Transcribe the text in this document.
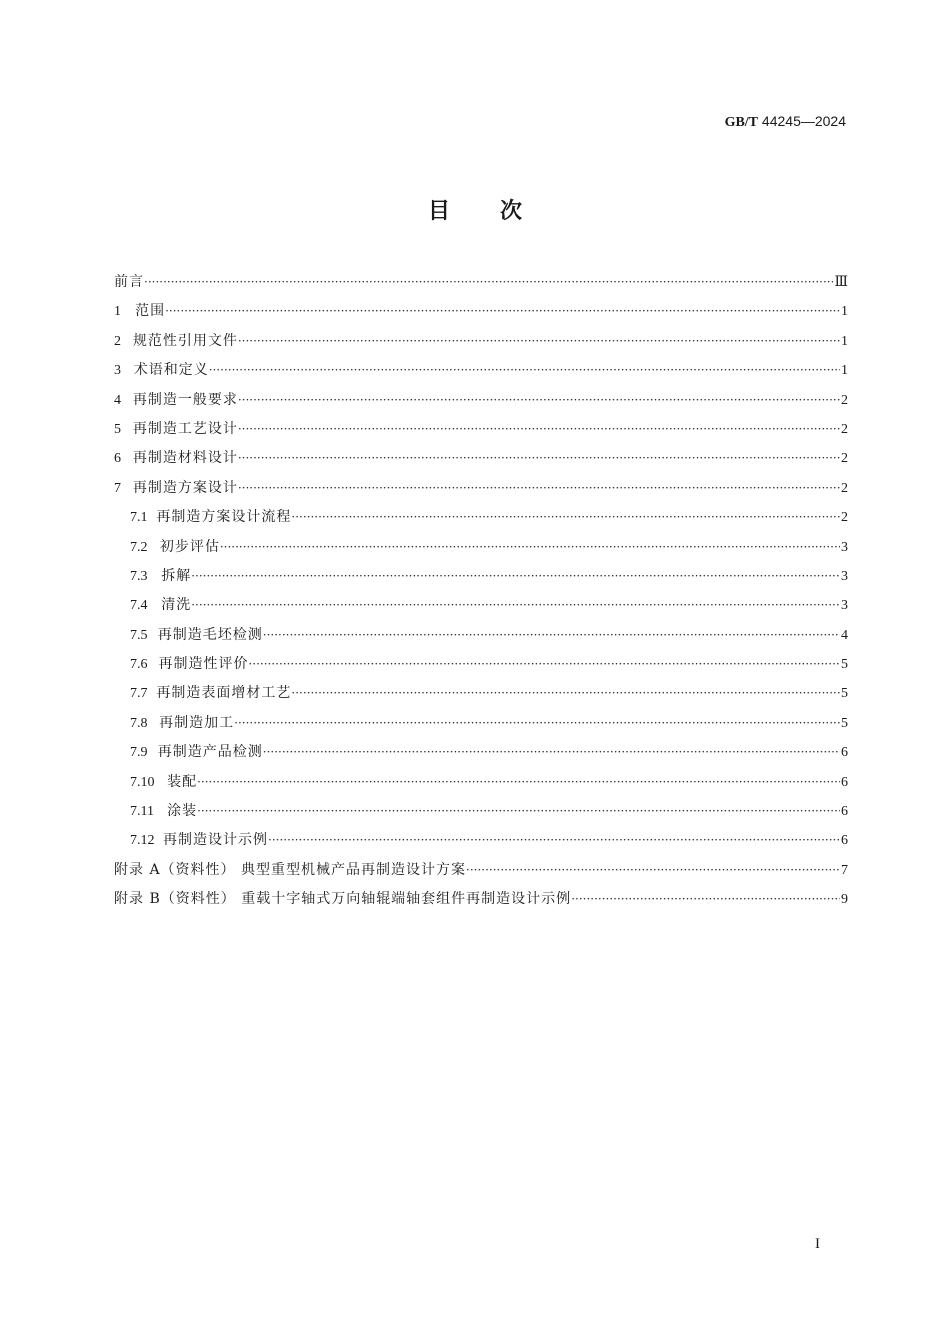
GB/T 44245—2024
目次
前言 ·····	Ⅲ
1	范围 ·····	1
2 规范性引用文件 ·····	1
3 术语和定义 ·····	1
4 再制造一般要求 ·····	2
5 再制造工艺设计 ·····	2
6 再制造材料设计 ·····	2
7 再制造方案设计 ·····	2
7.1 再制造方案设计流程 ·····	2
7.2 初步评估 ·····	3
7.3 拆解 ·····	3
7.4 清洗 ·····	3
7.5 再制造毛坯检测 ·····	4
7.6 再制造性评价 ·····	5
7.7 再制造表面增材工艺 ·····	5
7.8 再制造加工 ·····	5
7.9 再制造产品检测 ·····	6
7.10 装配 ·····	6
7.11 涂装 ·····	6
7.12 再制造设计示例 ·····	6
附录 A（资料性） 典型重型机械产品再制造设计方案 ·····	7
附录 B（资料性） 重载十字轴式万向轴辊端轴套组件再制造设计示例 ·····	9
I
